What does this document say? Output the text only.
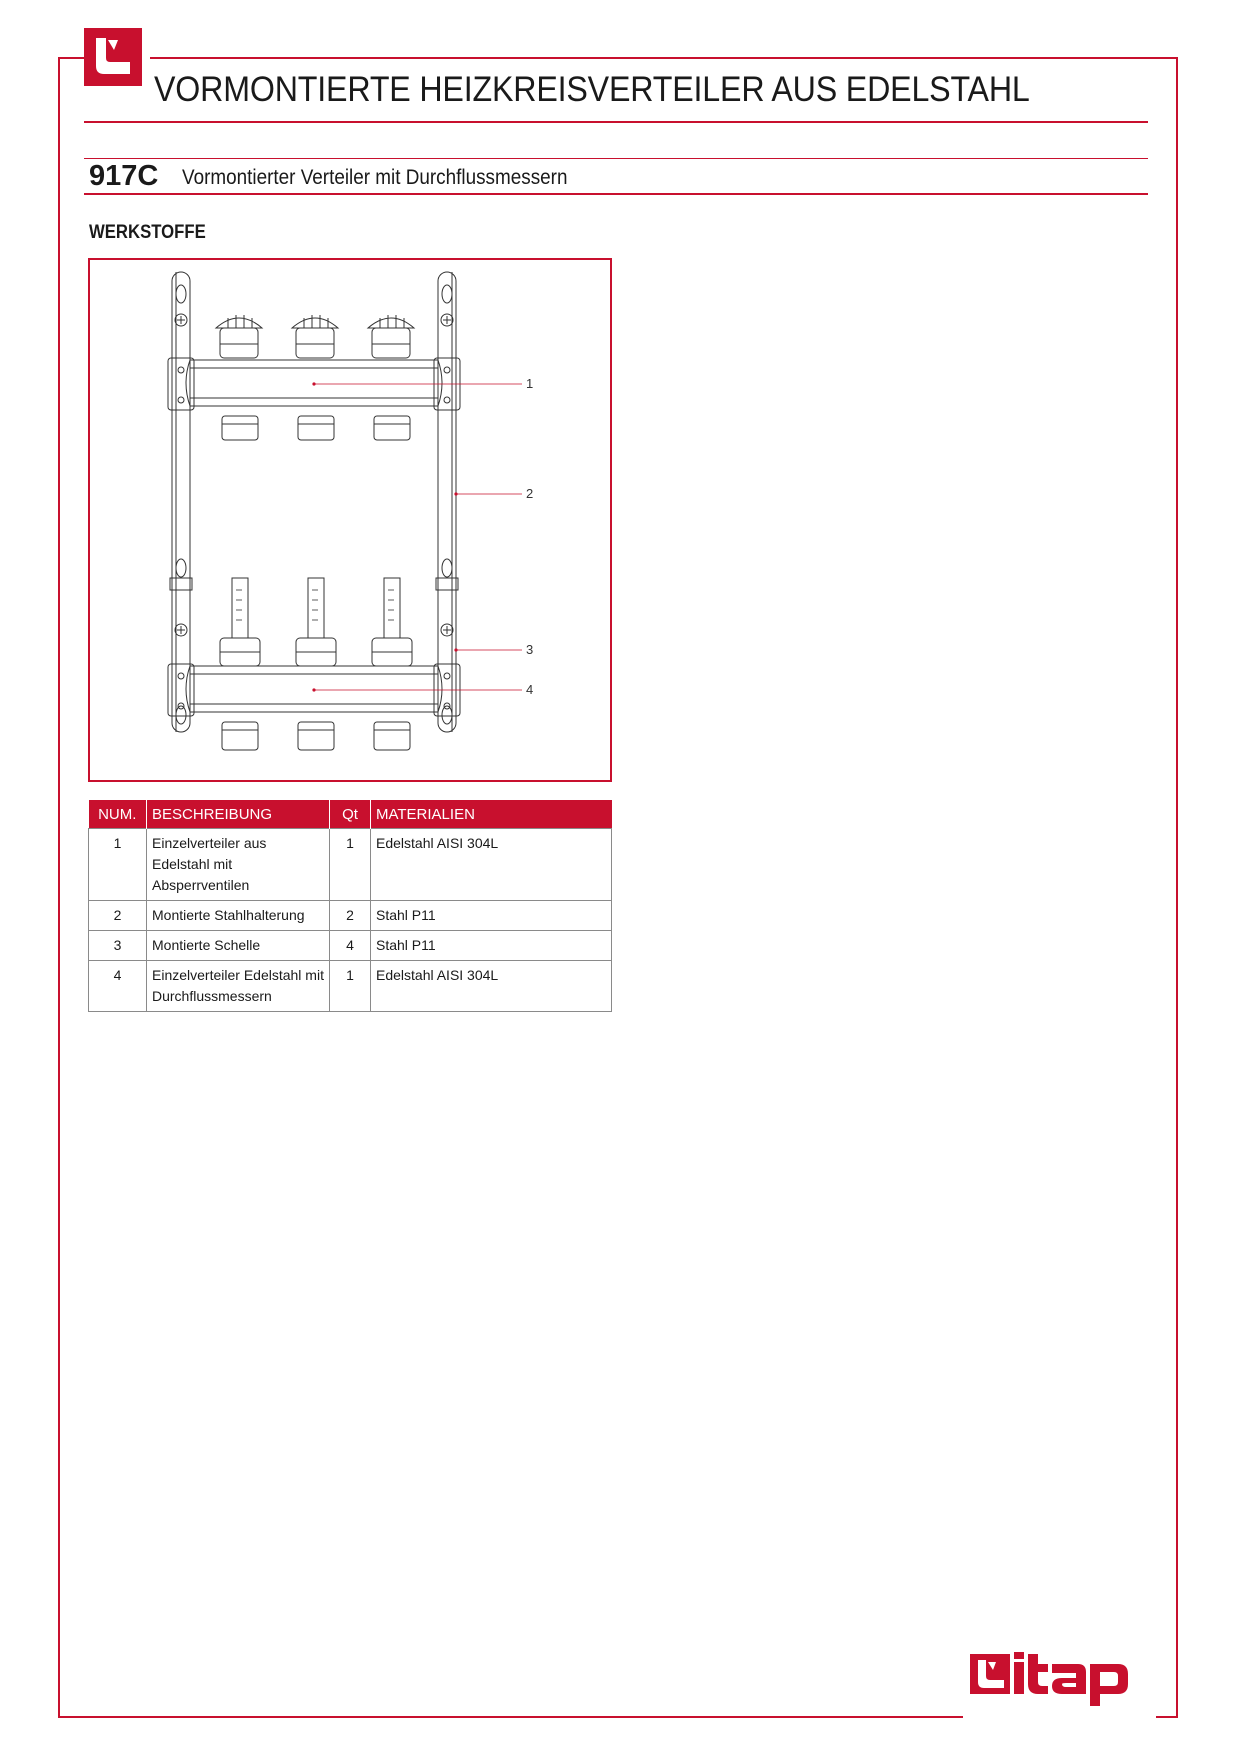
VORMONTIERTE HEIZKREISVERTEILER AUS EDELSTAHL
917C Vormontierter Verteiler mit Durchflussmessern
WERKSTOFFE
1
2
3
4
NUM.	BESCHREIBUNG	Qt	MATERIALIEN
1	Einzelverteiler aus Edelstahl mit Absperrventilen	1	Edelstahl AISI 304L
2	Montierte Stahlhalterung	2	Stahl P11
3	Montierte Schelle	4	Stahl P11
4	Einzelverteiler Edelstahl mit Durchflussmessern	1	Edelstahl AISI 304L
